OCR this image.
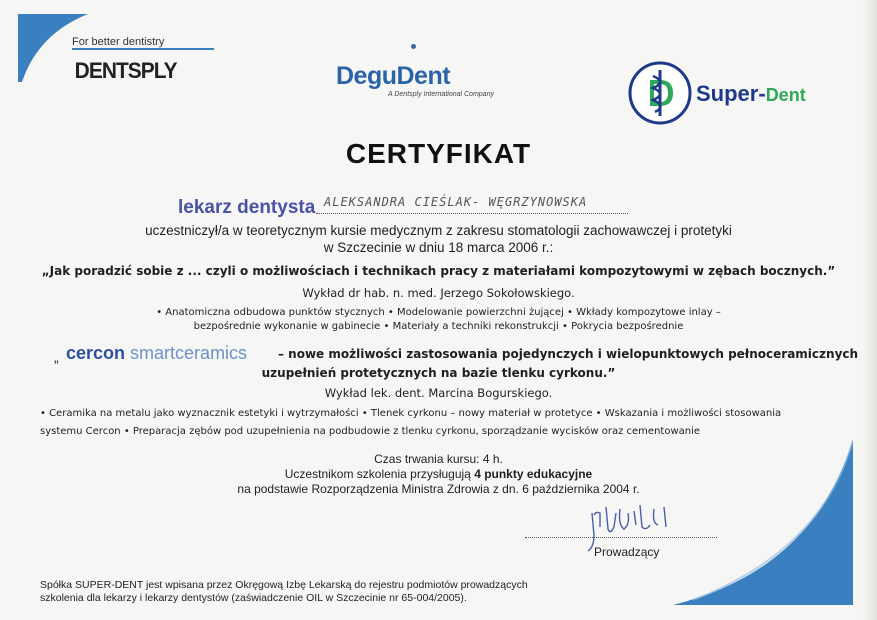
For better dentistry
DENTSPLY	DeguDent
A Dentsply International Company	Super-Dent
CERTYFIKAT
lekarz dentysta ALEKSANDRA CIEŚLAK- WĘGRZYNOWSKA
uczestniczył/a w teoretycznym kursie medycznym z zakresu stomatologii zachowawczej i protetyki
w Szczecinie w dniu 18 marca 2006 r.:
„Jak poradzić sobie z ... czyli o możliwościach i technikach pracy z materiałami kompozytowymi w zębach bocznych.”
Wykład dr hab. n. med. Jerzego Sokołowskiego.
• Anatomiczna odbudowa punktów stycznych • Modelowanie powierzchni żującej • Wkłady kompozytowe inlay –
bezpośrednie wykonanie w gabinecie • Materiały a techniki rekonstrukcji • Pokrycia bezpośrednie
„ cercon smartceramics	– nowe możliwości zastosowania pojedynczych i wielopunktowych pełnoceramicznych
uzupełnień protetycznych na bazie tlenku cyrkonu.”
Wykład lek. dent. Marcina Bogurskiego.
• Ceramika na metalu jako wyznacznik estetyki i wytrzymałości • Tlenek cyrkonu – nowy materiał w protetyce • Wskazania i możliwości stosowania
systemu Cercon • Preparacja zębów pod uzupełnienia na podbudowie z tlenku cyrkonu, sporządzanie wycisków oraz cementowanie
Czas trwania kursu: 4 h.
Uczestnikom szkolenia przysługują 4 punkty edukacyjne
na podstawie Rozporządzenia Ministra Zdrowia z dn. 6 października 2004 r.
Prowadzący
Spółka SUPER-DENT jest wpisana przez Okręgową Izbę Lekarską do rejestru podmiotów prowadzących
szkolenia dla lekarzy i lekarzy dentystów (zaświadczenie OIL w Szczecinie nr 65-004/2005).
